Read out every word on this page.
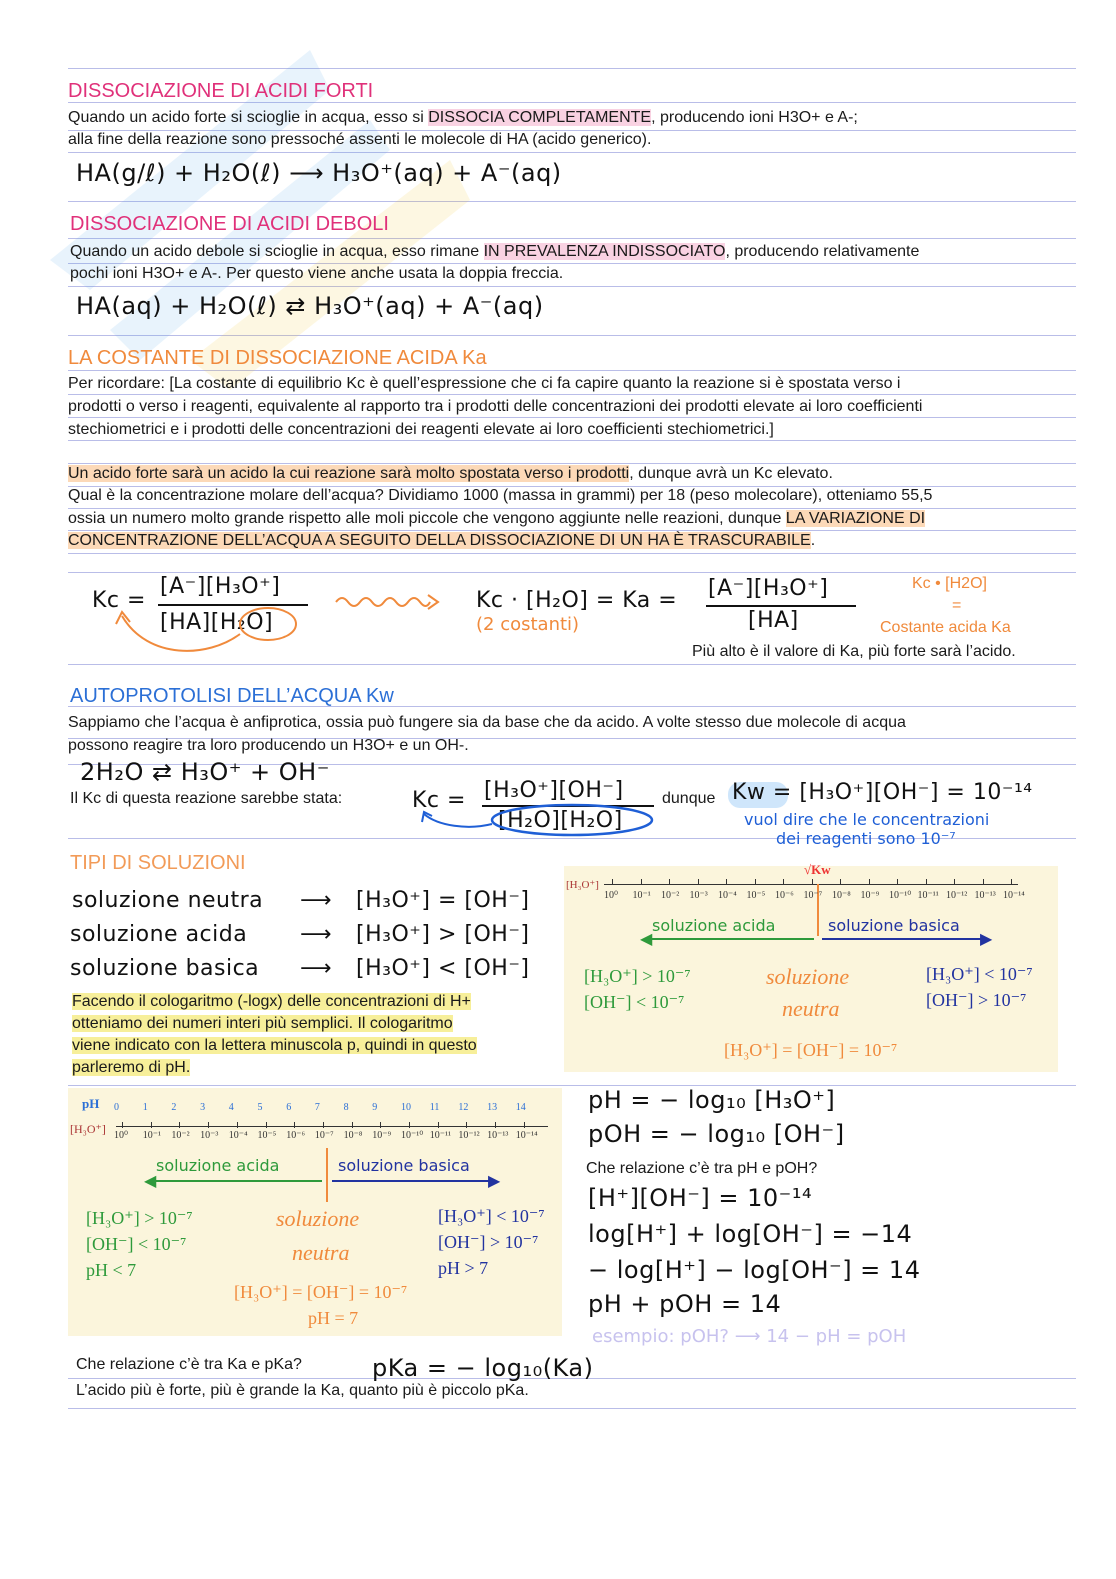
DISSOCIAZIONE DI ACIDI FORTI
Quando un acido forte si scioglie in acqua, esso si DISSOCIA COMPLETAMENTE, producendo ioni H3O+ e A-;
alla fine della reazione sono pressoché assenti le molecole di HA (acido generico).
HA(g/ℓ) + H₂O(ℓ) ⟶ H₃O⁺(aq) + A⁻(aq)
DISSOCIAZIONE DI ACIDI DEBOLI
Quando un acido debole si scioglie in acqua, esso rimane IN PREVALENZA INDISSOCIATO, producendo relativamente
pochi ioni H3O+ e A-. Per questo viene anche usata la doppia freccia.
HA(aq) + H₂O(ℓ) ⇄ H₃O⁺(aq) + A⁻(aq)
LA COSTANTE DI DISSOCIAZIONE ACIDA Ka
Per ricordare: [La costante di equilibrio Kc è quell’espressione che ci fa capire quanto la reazione si è spostata verso i
prodotti o verso i reagenti, equivalente al rapporto tra i prodotti delle concentrazioni dei prodotti elevate ai loro coefficienti
stechiometrici e i prodotti delle concentrazioni dei reagenti elevate ai loro coefficienti stechiometrici.]
Un acido forte sarà un acido la cui reazione sarà molto spostata verso i prodotti, dunque avrà un Kc elevato.
Qual è la concentrazione molare dell’acqua? Dividiamo 1000 (massa in grammi) per 18 (peso molecolare), otteniamo 55,5
ossia un numero molto grande rispetto alle moli piccole che vengono aggiunte nelle reazioni, dunque LA VARIAZIONE DI
CONCENTRAZIONE DELL’ACQUA A SEGUITO DELLA DISSOCIAZIONE DI UN HA È TRASCURABILE.
Kc =
[A⁻][H₃O⁺]
[HA][H₂O]
Kc · [H₂O] = Ka = [A⁻][H₃O⁺]
[HA]
(2 costanti)
Kc • [H2O]
=
Costante acida Ka
Più alto è il valore di Ka, più forte sarà l’acido.
AUTOPROTOLISI DELL’ACQUA Kw
Sappiamo che l’acqua è anfiprotica, ossia può fungere sia da base che da acido. A volte stesso due molecole di acqua
possono reagire tra loro producendo un H3O+ e un OH-.
2H₂O ⇄ H₃O⁺ + OH⁻
Il Kc di questa reazione sarebbe stata:	Kc = [H₃O⁺][OH⁻]
[H₂O][H₂O]
dunque Kw = [H₃O⁺][OH⁻] = 10⁻¹⁴
vuol dire che le concentrazioni
dei reagenti sono 10⁻⁷
TIPI DI SOLUZIONI
soluzione neutra ⟶ [H₃O⁺] = [OH⁻]
soluzione acida ⟶ [H₃O⁺] > [OH⁻]
soluzione basica ⟶ [H₃O⁺] < [OH⁻]
Facendo il cologaritmo (-logx) delle concentrazioni di H+
otteniamo dei numeri interi più semplici. Il cologaritmo
viene indicato con la lettera minuscola p, quindi in questo
parleremo di pH.
[H₃O⁺]
√Kw
soluzione acida
◀
soluzione basica
▶
[H₃O⁺] > 10⁻⁷
[OH⁻] < 10⁻⁷
soluzione
neutra
[H₃O⁺] < 10⁻⁷
[OH⁻] > 10⁻⁷
[H₃O⁺] = [OH⁻] = 10⁻⁷
pH
[H₃O⁺]
soluzione acida
◀
soluzione basica
▶
[H₃O⁺] > 10⁻⁷
[OH⁻] < 10⁻⁷
pH < 7
soluzione
neutra
[H₃O⁺] < 10⁻⁷
[OH⁻] > 10⁻⁷
pH > 7
[H₃O⁺] = [OH⁻] = 10⁻⁷
pH = 7
pH = − log₁₀ [H₃O⁺]
pOH = − log₁₀ [OH⁻]
Che relazione c’è tra pH e pOH?
[H⁺][OH⁻] = 10⁻¹⁴
log[H⁺] + log[OH⁻] = −14
− log[H⁺] − log[OH⁻] = 14
pH + pOH = 14
esempio: pOH? ⟶ 14 − pH = pOH
Che relazione c’è tra Ka e pKa?	pKa = − log₁₀(Ka)
L’acido più è forte, più è grande la Ka, quanto più è piccolo pKa.
10⁰ 10⁻¹ 10⁻² 10⁻³ 10⁻⁴ 10⁻⁵ 10⁻⁶ 10⁻⁷ 10⁻⁸ 10⁻⁹ 10⁻¹⁰ 10⁻¹¹ 10⁻¹² 10⁻¹³ 10⁻¹⁴
0 1 2 3 4 5 6 7 8 9 10 11 12 13 14
10⁰ 10⁻¹ 10⁻² 10⁻³ 10⁻⁴ 10⁻⁵ 10⁻⁶ 10⁻⁷ 10⁻⁸ 10⁻⁹ 10⁻¹⁰ 10⁻¹¹ 10⁻¹² 10⁻¹³ 10⁻¹⁴
